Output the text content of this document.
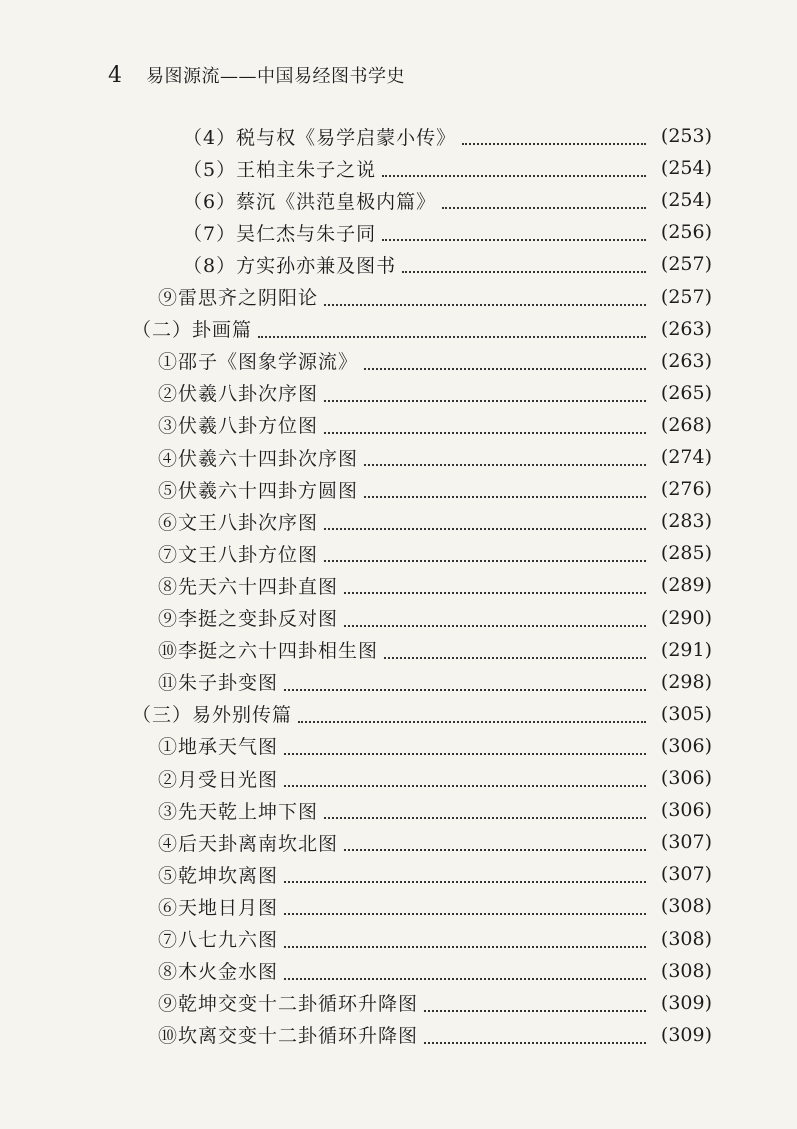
4 易图源流——中国易经图书学史
（4）税与权《易学启蒙小传》	(253)
（5）王柏主朱子之说	(254)
（6）蔡沉《洪范皇极内篇》	(254)
（7）吴仁杰与朱子同	(256)
（8）方实孙亦兼及图书	(257)
⑨雷思齐之阴阳论	(257)
（二）卦画篇	(263)
①邵子《图象学源流》	(263)
②伏羲八卦次序图	(265)
③伏羲八卦方位图	(268)
④伏羲六十四卦次序图	(274)
⑤伏羲六十四卦方圆图	(276)
⑥文王八卦次序图	(283)
⑦文王八卦方位图	(285)
⑧先天六十四卦直图	(289)
⑨李挺之变卦反对图	(290)
⑩李挺之六十四卦相生图	(291)
⑪朱子卦变图	(298)
（三）易外别传篇	(305)
①地承天气图	(306)
②月受日光图	(306)
③先天乾上坤下图	(306)
④后天卦离南坎北图	(307)
⑤乾坤坎离图	(307)
⑥天地日月图	(308)
⑦八七九六图	(308)
⑧木火金水图	(308)
⑨乾坤交变十二卦循环升降图	(309)
⑩坎离交变十二卦循环升降图	(309)
